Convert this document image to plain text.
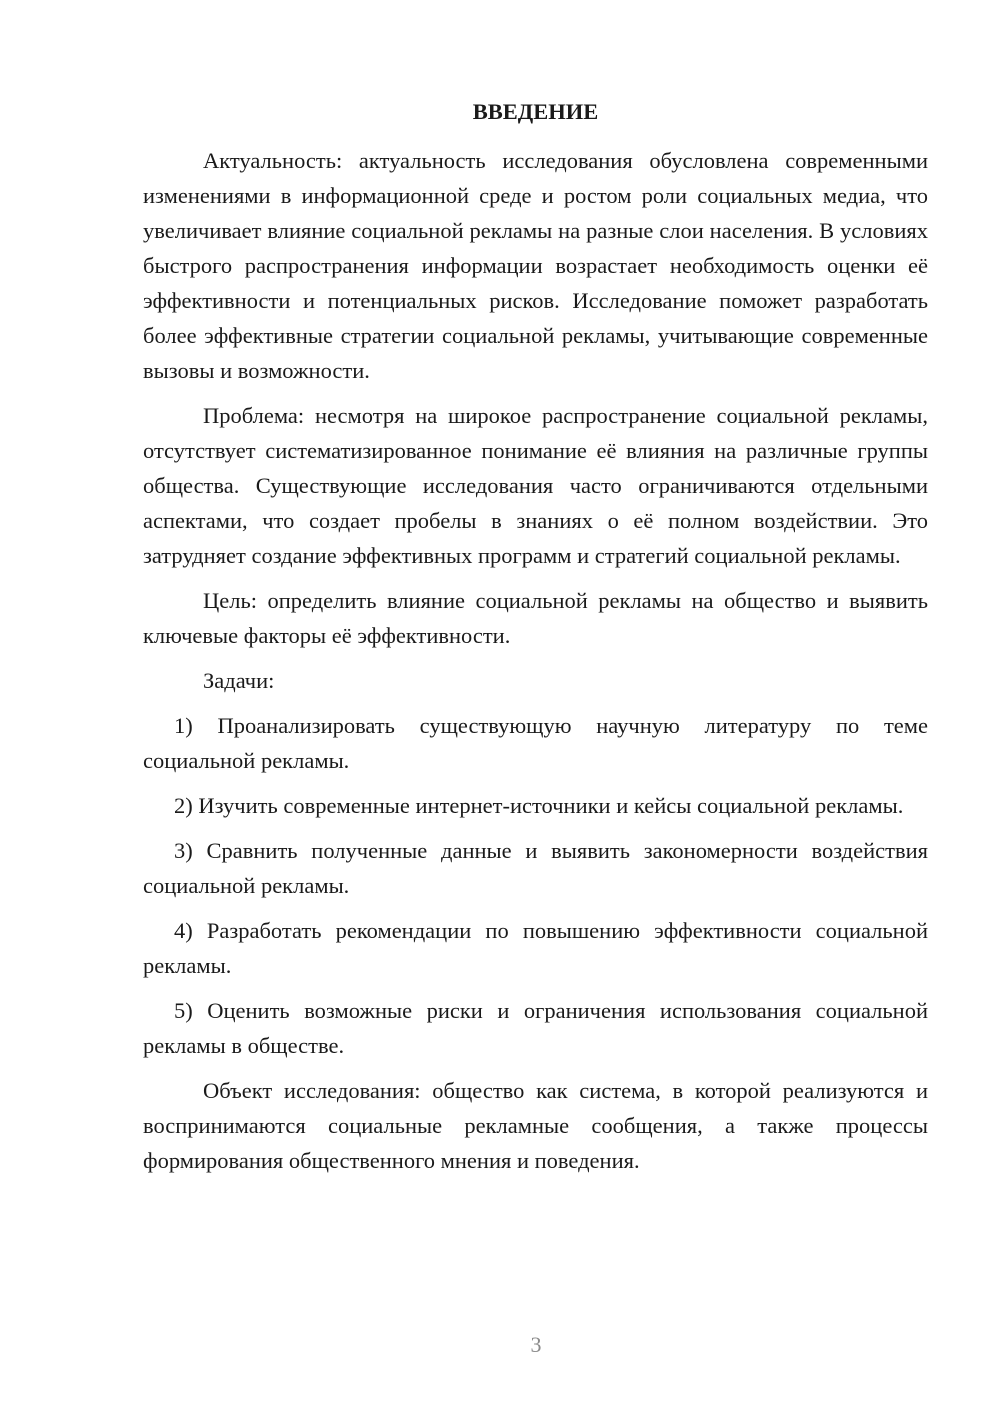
ВВЕДЕНИЕ

Актуальность: актуальность исследования обусловлена современными изменениями в информационной среде и ростом роли социальных медиа, что увеличивает влияние социальной рекламы на разные слои населения. В условиях быстрого распространения информации возрастает необходимость оценки её эффективности и потенциальных рисков. Исследование поможет разработать более эффективные стратегии социальной рекламы, учитывающие современные вызовы и возможности.

Проблема: несмотря на широкое распространение социальной рекламы, отсутствует систематизированное понимание её влияния на различные группы общества. Существующие исследования часто ограничиваются отдельными аспектами, что создает пробелы в знаниях о её полном воздействии. Это затрудняет создание эффективных программ и стратегий социальной рекламы.

Цель: определить влияние социальной рекламы на общество и выявить ключевые факторы её эффективности.

Задачи:

1) Проанализировать существующую научную литературу по теме социальной рекламы.

2) Изучить современные интернет-источники и кейсы социальной рекламы.

3) Сравнить полученные данные и выявить закономерности воздействия социальной рекламы.

4) Разработать рекомендации по повышению эффективности социальной рекламы.

5) Оценить возможные риски и ограничения использования социальной рекламы в обществе.

Объект исследования: общество как система, в которой реализуются и воспринимаются социальные рекламные сообщения, а также процессы формирования общественного мнения и поведения.

3
